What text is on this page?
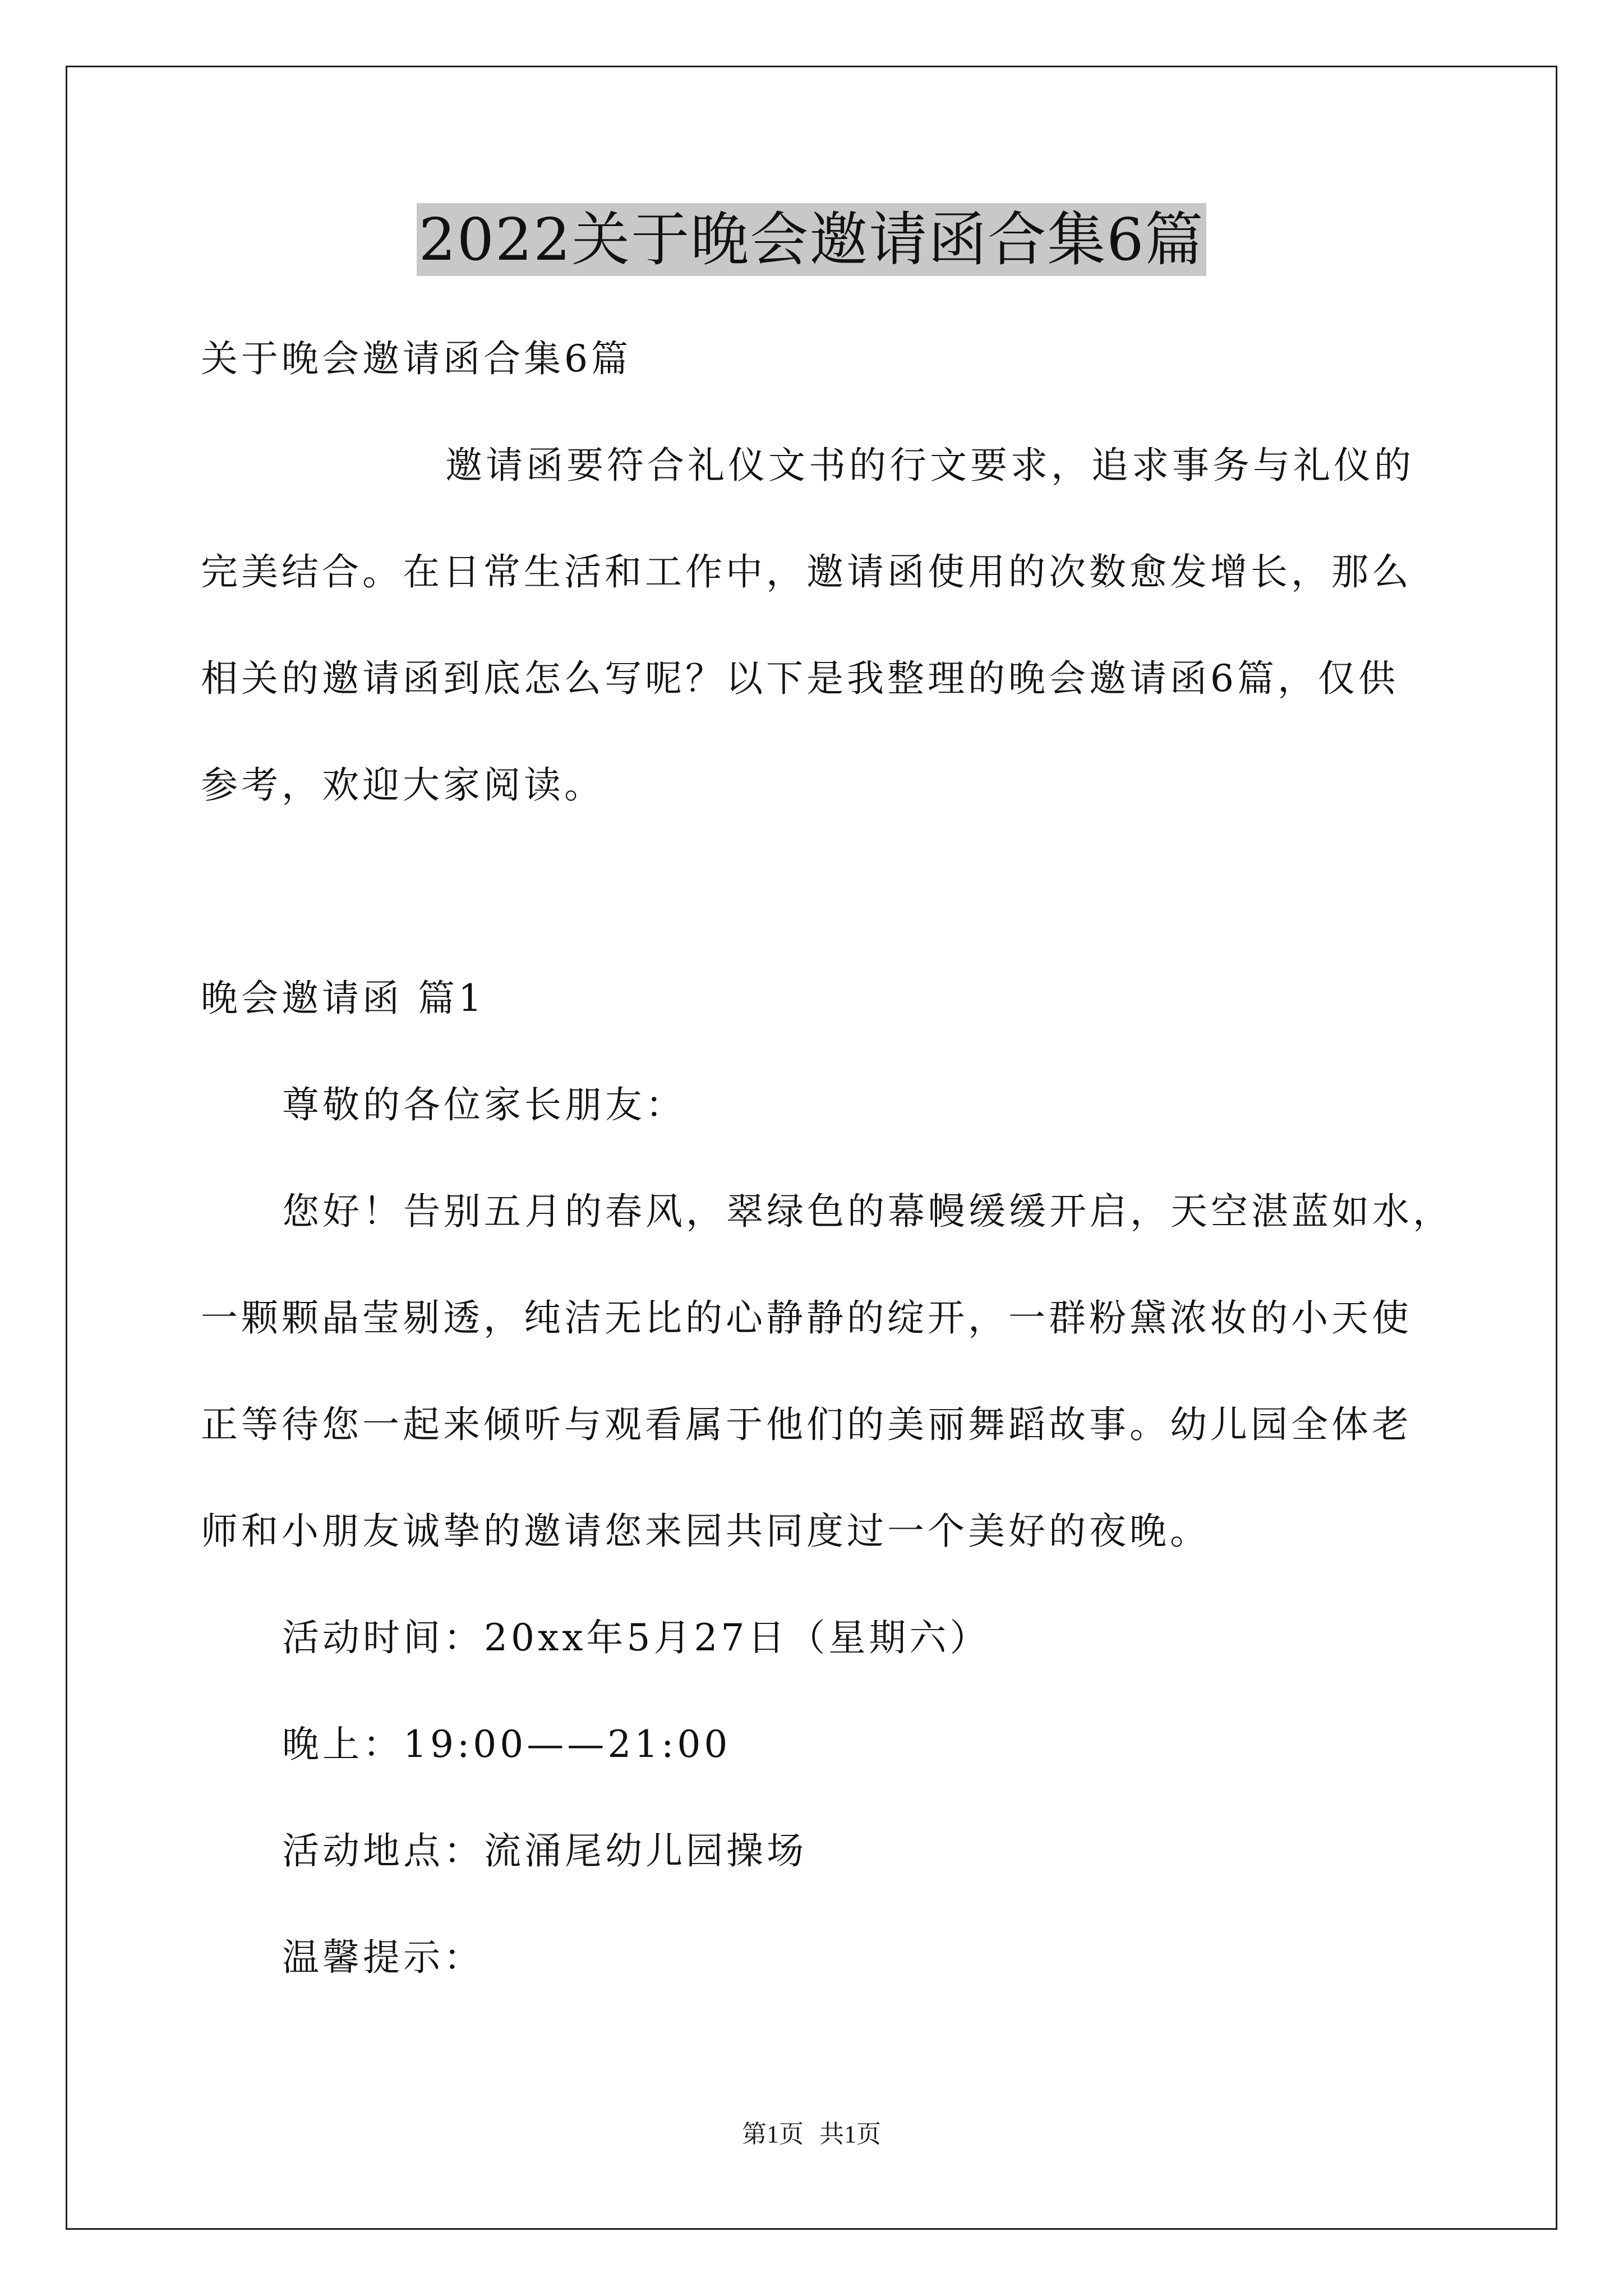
2022关于晚会邀请函合集6篇
关于晚会邀请函合集6篇
邀请函要符合礼仪文书的行文要求，追求事务与礼仪的
完美结合。在日常生活和工作中，邀请函使用的次数愈发增长，那么
相关的邀请函到底怎么写呢？以下是我整理的晚会邀请函6篇，仅供
参考，欢迎大家阅读。
晚会邀请函 篇1
尊敬的各位家长朋友：
您好！告别五月的春风，翠绿色的幕幔缓缓开启，天空湛蓝如水，
一颗颗晶莹剔透，纯洁无比的心静静的绽开，一群粉黛浓妆的小天使
正等待您一起来倾听与观看属于他们的美丽舞蹈故事。幼儿园全体老
师和小朋友诚挚的邀请您来园共同度过一个美好的夜晚。
活动时间：20xx年5月27日（星期六）
晚上：19:00——21:00
活动地点：流涌尾幼儿园操场
温馨提示：
第1页 共1页
